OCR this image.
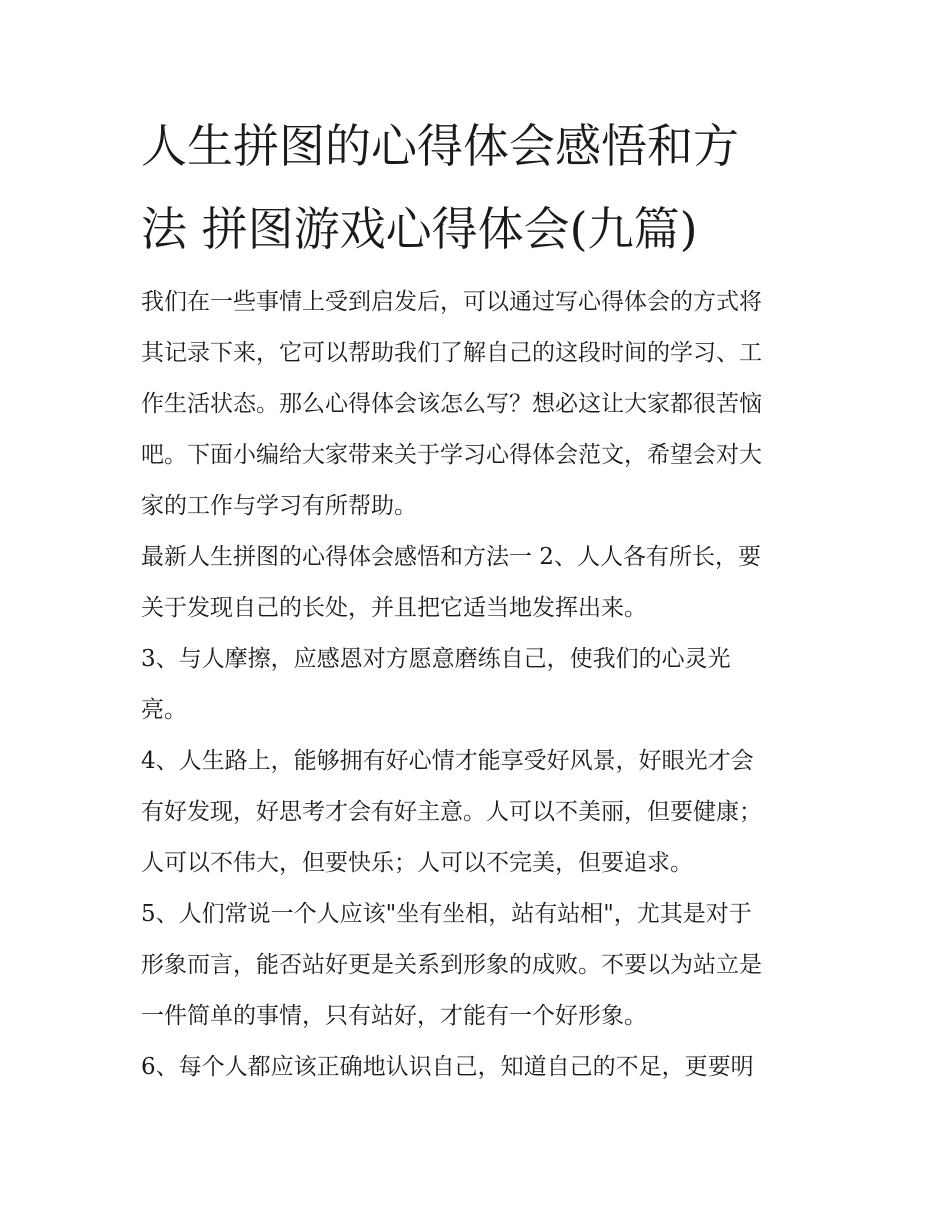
人生拼图的心得体会感悟和方
法 拼图游戏心得体会(九篇)
我们在一些事情上受到启发后，可以通过写心得体会的方式将
其记录下来，它可以帮助我们了解自己的这段时间的学习、工
作生活状态。那么心得体会该怎么写？想必这让大家都很苦恼
吧。下面小编给大家带来关于学习心得体会范文，希望会对大
家的工作与学习有所帮助。
最新人生拼图的心得体会感悟和方法一 2、人人各有所长，要
关于发现自己的长处，并且把它适当地发挥出来。
3、与人摩擦，应感恩对方愿意磨练自己，使我们的心灵光
亮。
4、人生路上，能够拥有好心情才能享受好风景，好眼光才会
有好发现，好思考才会有好主意。人可以不美丽，但要健康；
人可以不伟大，但要快乐；人可以不完美，但要追求。
5、人们常说一个人应该"坐有坐相，站有站相"，尤其是对于
形象而言，能否站好更是关系到形象的成败。不要以为站立是
一件简单的事情，只有站好，才能有一个好形象。
6、每个人都应该正确地认识自己，知道自己的不足，更要明
